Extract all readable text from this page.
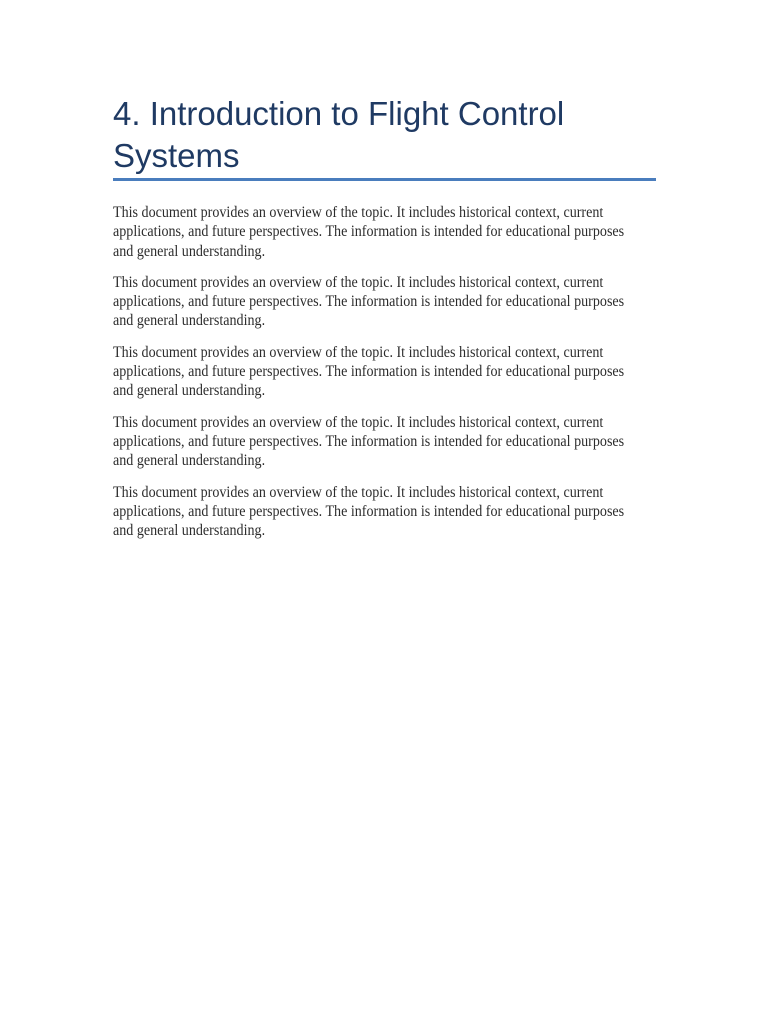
4. Introduction to Flight Control
Systems

This document provides an overview of the topic. It includes historical context, current
applications, and future perspectives. The information is intended for educational purposes
and general understanding.

This document provides an overview of the topic. It includes historical context, current
applications, and future perspectives. The information is intended for educational purposes
and general understanding.

This document provides an overview of the topic. It includes historical context, current
applications, and future perspectives. The information is intended for educational purposes
and general understanding.

This document provides an overview of the topic. It includes historical context, current
applications, and future perspectives. The information is intended for educational purposes
and general understanding.

This document provides an overview of the topic. It includes historical context, current
applications, and future perspectives. The information is intended for educational purposes
and general understanding.
